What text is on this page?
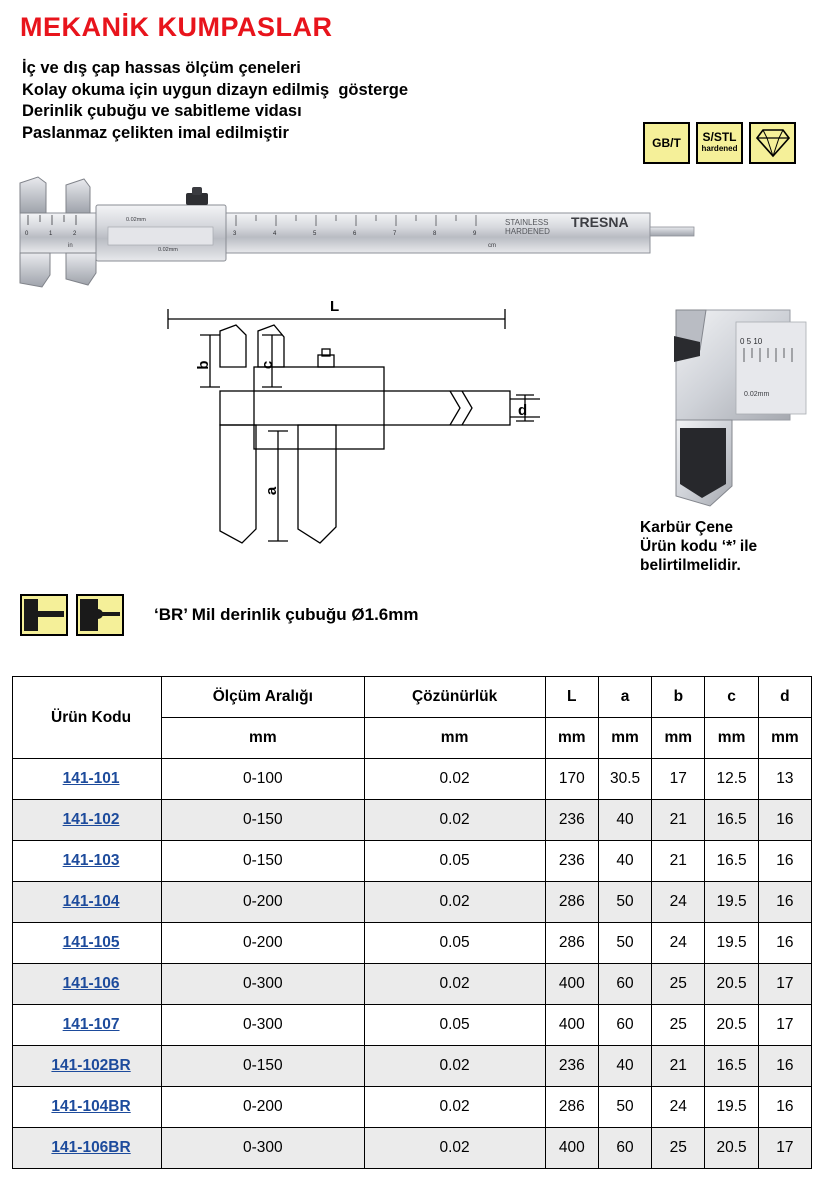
MEKANİK KUMPASLAR
İç ve dış çap hassas ölçüm çeneleri
Kolay okuma için uygun dizayn edilmiş  gösterge
Derinlik çubuğu ve sabitleme vidası
Paslanmaz çelikten imal edilmiştir
GB/T S/STL
hardened
0	1	2	3	4	5	6	7	8	9
0.02mm
0.02mm
STAINLESS
HARDENED
TRESNA
in	cm
L
d
c
b
a
0 5 10
0.02mm
Karbür Çene
Ürün kodu ‘*’ ile
belirtilmelidir.
‘BR’ Mil derinlik çubuğu Ø1.6mm
Ürün Kodu	Ölçüm Aralığı	Çözünürlük	L	a	b	c	d
	mm	mm	mm	mm	mm	mm	mm
141-101	0-100	0.02	170	30.5	17	12.5	13
141-102	0-150	0.02	236	40	21	16.5	16
141-103	0-150	0.05	236	40	21	16.5	16
141-104	0-200	0.02	286	50	24	19.5	16
141-105	0-200	0.05	286	50	24	19.5	16
141-106	0-300	0.02	400	60	25	20.5	17
141-107	0-300	0.05	400	60	25	20.5	17
141-102BR	0-150	0.02	236	40	21	16.5	16
141-104BR	0-200	0.02	286	50	24	19.5	16
141-106BR	0-300	0.02	400	60	25	20.5	17
